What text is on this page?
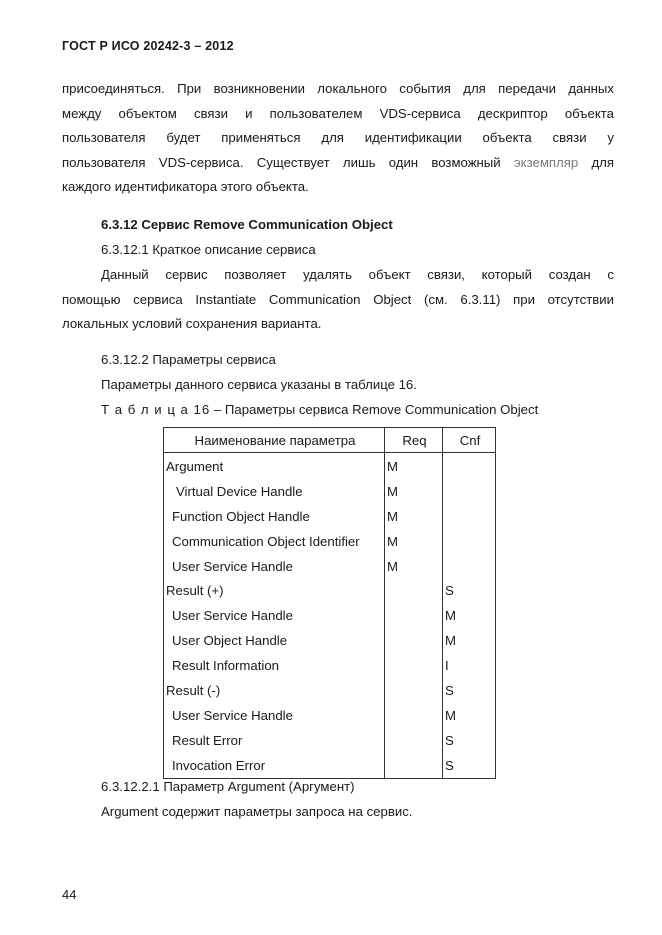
ГОСТ Р ИСО 20242-3 – 2012
присоединяться. При возникновении локального события для передачи данных
между объектом связи и пользователем VDS-сервиса дескриптор объекта
пользователя будет применяться для идентификации объекта связи у
пользователя VDS-сервиса. Существует лишь один возможный экземпляр для
каждого идентификатора этого объекта.
6.3.12 Сервис Remove Communication Object
6.3.12.1 Краткое описание сервиса
Данный сервис позволяет удалять объект связи, который создан с
помощью сервиса Instantiate Communication Object (см. 6.3.11) при отсутствии
локальных условий сохранения варианта.
6.3.12.2 Параметры сервиса
Параметры данного сервиса указаны в таблице 16.
Т а б л и ц а 16 – Параметры сервиса Remove Communication Object
Наименование параметра	Req	Cnf
Argument	M	
Virtual Device Handle	M	
Function Object Handle	M	
Communication Object Identifier	M	
User Service Handle	M	
Result (+)		S
User Service Handle		M
User Object Handle		M
Result Information		I
Result (-)		S
User Service Handle		M
Result Error		S
Invocation Error		S
6.3.12.2.1 Параметр Argument (Аргумент)
Argument содержит параметры запроса на сервис.
44
